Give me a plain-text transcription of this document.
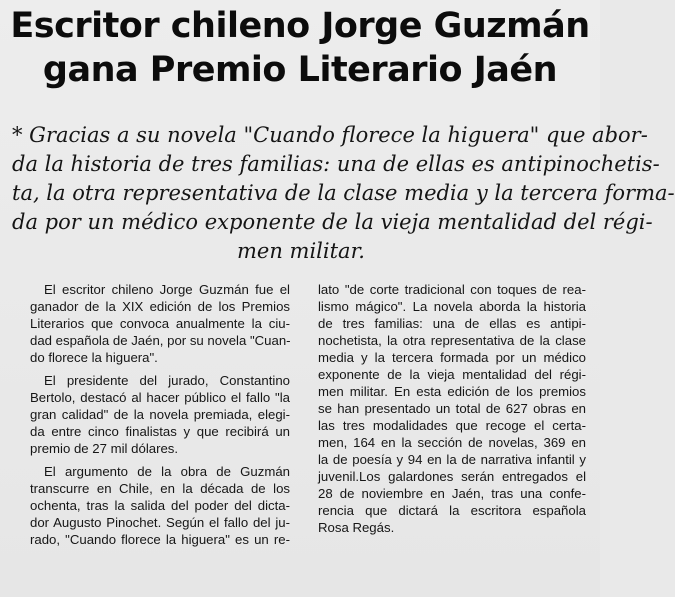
Escritor chileno Jorge Guzmán
gana Premio Literario Jaén
* Gracias a su novela "Cuando florece la higuera" que abor-
da la historia de tres familias: una de ellas es antipinochetis-
ta, la otra representativa de la clase media y la tercera forma-
da por un médico exponente de la vieja mentalidad del régi-
men militar.
El escritor chileno Jorge Guzmán fue el
ganador de la XIX edición de los Premios
Literarios que convoca anualmente la ciu-
dad española de Jaén, por su novela "Cuan-
do florece la higuera".
El presidente del jurado, Constantino
Bertolo, destacó al hacer público el fallo "la
gran calidad" de la novela premiada, elegi-
da entre cinco finalistas y que recibirá un
premio de 27 mil dólares.
El argumento de la obra de Guzmán
transcurre en Chile, en la década de los
ochenta, tras la salida del poder del dicta-
dor Augusto Pinochet. Según el fallo del ju-
rado, "Cuando florece la higuera" es un re-
lato "de corte tradicional con toques de rea-
lismo mágico". La novela aborda la historia
de tres familias: una de ellas es antipi-
nochetista, la otra representativa de la clase
media y la tercera formada por un médico
exponente de la vieja mentalidad del régi-
men militar. En esta edición de los premios
se han presentado un total de 627 obras en
las tres modalidades que recoge el certa-
men, 164 en la sección de novelas, 369 en
la de poesía y 94 en la de narrativa infantil y
juvenil.Los galardones serán entregados el
28 de noviembre en Jaén, tras una confe-
rencia que dictará la escritora española
Rosa Regás.
